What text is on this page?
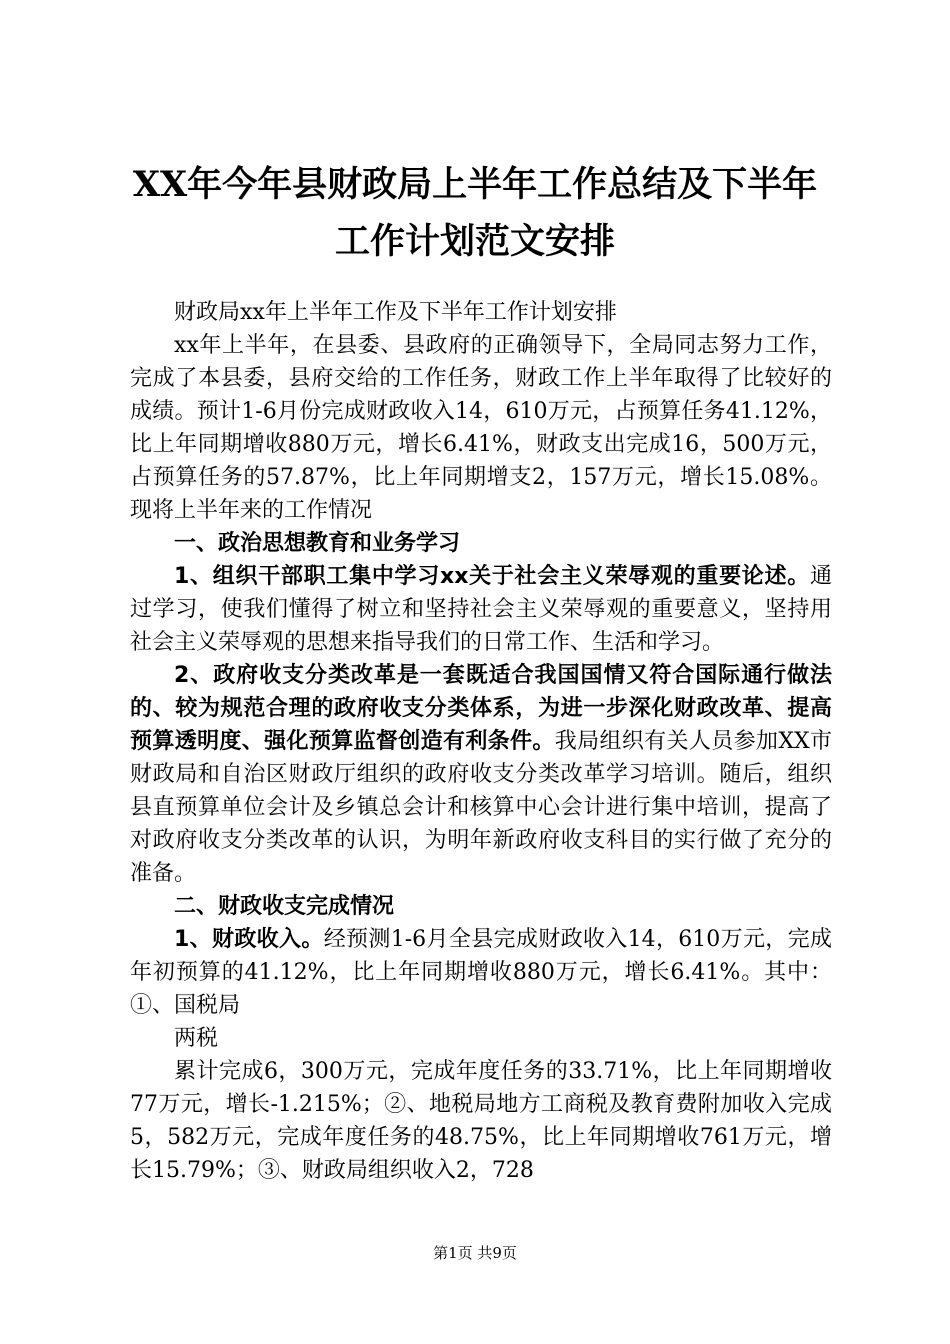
XX年今年县财政局上半年工作总结及下半年
工作计划范文安排

财政局xx年上半年工作及下半年工作计划安排

xx年上半年，在县委、县政府的正确领导下，全局同志努力工作，完成了本县委，县府交给的工作任务，财政工作上半年取得了比较好的成绩。预计1-6月份完成财政收入14，610万元，占预算任务41.12%，比上年同期增收880万元，增长6.41%，财政支出完成16，500万元，占预算任务的57.87%，比上年同期增支2，157万元，增长15.08%。现将上半年来的工作情况

一、政治思想教育和业务学习

1、组织干部职工集中学习xx关于社会主义荣辱观的重要论述。通过学习，使我们懂得了树立和坚持社会主义荣辱观的重要意义，坚持用社会主义荣辱观的思想来指导我们的日常工作、生活和学习。

2、政府收支分类改革是一套既适合我国国情又符合国际通行做法的、较为规范合理的政府收支分类体系，为进一步深化财政改革、提高预算透明度、强化预算监督创造有利条件。我局组织有关人员参加XX市财政局和自治区财政厅组织的政府收支分类改革学习培训。随后，组织县直预算单位会计及乡镇总会计和核算中心会计进行集中培训，提高了对政府收支分类改革的认识，为明年新政府收支科目的实行做了充分的准备。

二、财政收支完成情况

1、财政收入。经预测1-6月全县完成财政收入14，610万元，完成年初预算的41.12%，比上年同期增收880万元，增长6.41%。其中：①、国税局

两税

累计完成6，300万元，完成年度任务的33.71%，比上年同期增收77万元，增长-1.215%；②、地税局地方工商税及教育费附加收入完成5，582万元，完成年度任务的48.75%，比上年同期增收761万元，增长15.79%；③、财政局组织收入2，728

第1页 共9页
